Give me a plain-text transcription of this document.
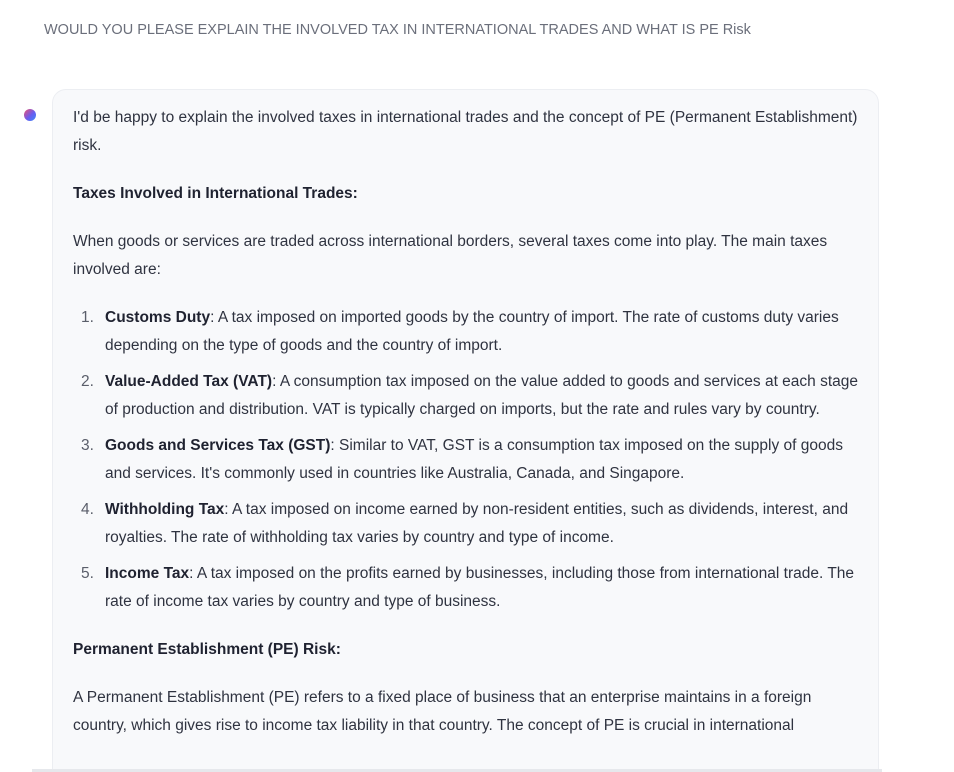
WOULD YOU PLEASE EXPLAIN THE INVOLVED TAX IN INTERNATIONAL TRADES AND WHAT IS PE Risk

I'd be happy to explain the involved taxes in international trades and the concept of PE (Permanent Establishment) risk.

Taxes Involved in International Trades:

When goods or services are traded across international borders, several taxes come into play. The main taxes involved are:

1. Customs Duty: A tax imposed on imported goods by the country of import. The rate of customs duty varies depending on the type of goods and the country of import.
2. Value-Added Tax (VAT): A consumption tax imposed on the value added to goods and services at each stage of production and distribution. VAT is typically charged on imports, but the rate and rules vary by country.
3. Goods and Services Tax (GST): Similar to VAT, GST is a consumption tax imposed on the supply of goods and services. It's commonly used in countries like Australia, Canada, and Singapore.
4. Withholding Tax: A tax imposed on income earned by non-resident entities, such as dividends, interest, and royalties. The rate of withholding tax varies by country and type of income.
5. Income Tax: A tax imposed on the profits earned by businesses, including those from international trade. The rate of income tax varies by country and type of business.

Permanent Establishment (PE) Risk:

A Permanent Establishment (PE) refers to a fixed place of business that an enterprise maintains in a foreign country, which gives rise to income tax liability in that country. The concept of PE is crucial in international
